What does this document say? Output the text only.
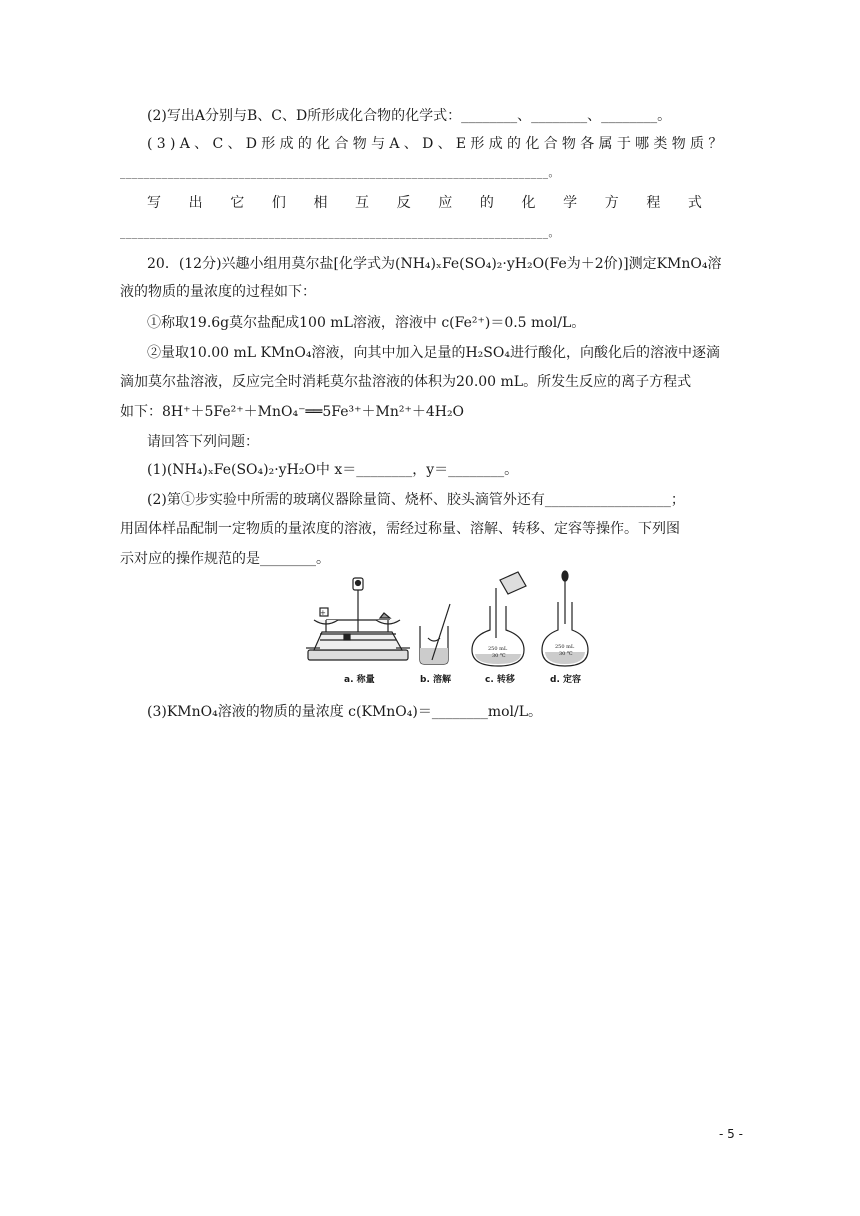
(2)写出A分别与B、C、D所形成化合物的化学式：________、________、________。
(3)A、C、D形成的化合物与A、D、E形成的化合物各属于哪类物质？
________________________________________________________________________。
写 出 它 们 相 互 反 应 的 化 学 方 程 式
________________________________________________________________________。
20．(12分)兴趣小组用莫尔盐[化学式为(NH₄)ₓFe(SO₄)₂·yH₂O(Fe为＋2价)]测定KMnO₄溶
液的物质的量浓度的过程如下：
①称取19.6g莫尔盐配成100 mL溶液，溶液中 c(Fe²⁺)＝0.5 mol/L。
②量取10.00 mL KMnO₄溶液，向其中加入足量的H₂SO₄进行酸化，向酸化后的溶液中逐滴
滴加莫尔盐溶液，反应完全时消耗莫尔盐溶液的体积为20.00 mL。所发生反应的离子方程式
如下：8H⁺＋5Fe²⁺＋MnO₄⁻══5Fe³⁺＋Mn²⁺＋4H₂O
请回答下列问题：
(1)(NH₄)ₓFe(SO₄)₂·yH₂O中 x＝________，y＝________。
(2)第①步实验中所需的玻璃仪器除量筒、烧杯、胶头滴管外还有__________________；
用固体样品配制一定物质的量浓度的溶液，需经过称量、溶解、转移、定容等操作。下列图
示对应的操作规范的是________。
+
250 mL
30 ℃
250 mL
30 ℃
a. 称量	b. 溶解	c. 转移	d. 定容
(3)KMnO₄溶液的物质的量浓度 c(KMnO₄)＝________mol/L。
- 5 -
